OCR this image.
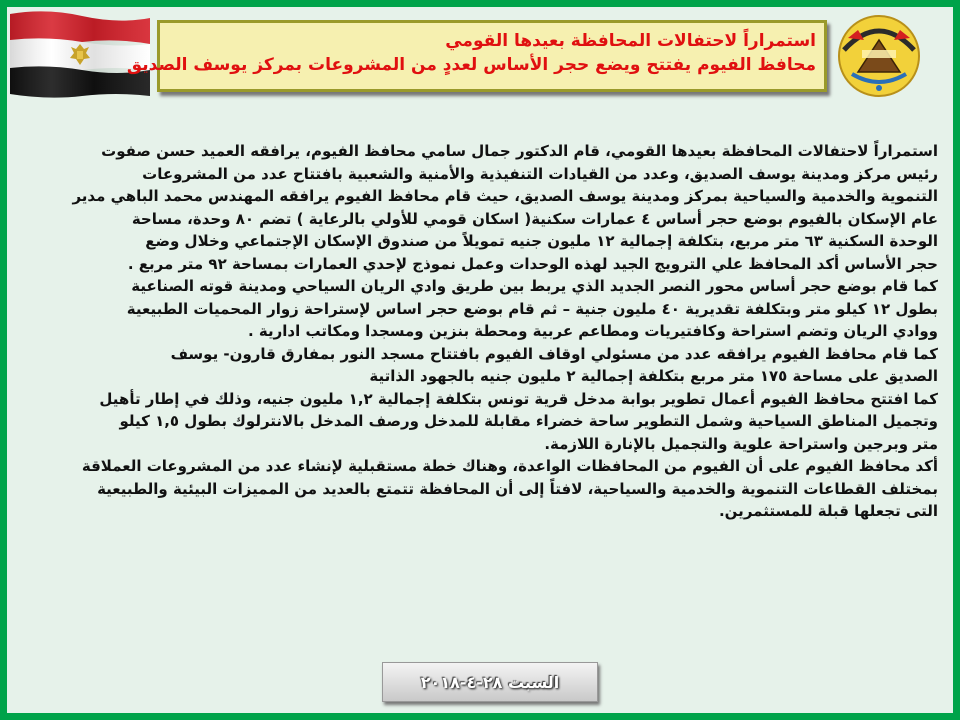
استمراراً لاحتفالات المحافظة بعيدها القومي
محافظ الفيوم يفتتح ويضع حجر الأساس لعددٍ من المشروعات بمركز يوسف الصديق

استمراراً لاحتفالات المحافظة بعيدها القومي، قام الدكتور جمال سامي محافظ الفيوم، يرافقه العميد حسن صفوت

رئيس مركز ومدينة يوسف الصديق، وعدد من القيادات التنفيذية والأمنية والشعبية بافتتاح عدد من المشروعات

التنموية والخدمية والسياحية بمركز ومدينة يوسف الصديق، حيث قام محافظ الفيوم يرافقه المهندس محمد الباهي مدير

عام الإسكان بالفيوم بوضع حجر أساس ٤ عمارات سكنية( اسكان قومي للأولي بالرعاية ) تضم ٨٠ وحدة، مساحة

الوحدة السكنية ٦٣ متر مربع، بتكلفة إجمالية ١٢ مليون جنيه تمويلاً من صندوق الإسكان الإجتماعي وخلال وضع

حجر الأساس أكد المحافظ علي الترويج الجيد لهذه الوحدات وعمل نموذج لإحدي العمارات بمساحة ٩٢ متر مربع .

كما قام بوضع حجر أساس محور النصر الجديد الذي يربط بين طريق وادي الريان السياحي ومدينة قوته الصناعية

بطول ١٢ كيلو متر وبتكلفة تقديرية ٤٠ مليون جنية – ثم قام بوضع حجر اساس لإستراحة زوار المحميات الطبيعية

ووادي الريان وتضم استراحة وكافتيريات ومطاعم عربية ومحطة بنزين ومسجدا ومكاتب ادارية .

كما قام محافظ الفيوم يرافقه عدد من مسئولي اوقاف الفيوم بافتتاح مسجد النور بمفارق قارون- يوسف

الصديق على مساحة ١٧٥ متر مربع بتكلفة إجمالية ٢ مليون جنيه بالجهود الذاتية

كما افتتح محافظ الفيوم أعمال تطوير بوابة مدخل قرية تونس بتكلفة إجمالية ١,٢ مليون جنيه، وذلك في إطار تأهيل

وتجميل المناطق السياحية وشمل التطوير ساحة خضراء مقابلة للمدخل ورصف المدخل بالانترلوك بطول ١,٥ كيلو

متر وبرجين واستراحة علوية والتجميل بالإنارة اللازمة.

أكد محافظ الفيوم على أن الفيوم من المحافظات الواعدة، وهناك خطة مستقبلية لإنشاء عدد من المشروعات العملاقة

بمختلف القطاعات التنموية والخدمية والسياحية، لافتاً إلى أن المحافظة تتمتع بالعديد من المميزات البيئية والطبيعية

التى تجعلها قبلة للمستثمرين.

السبت ٢٨-٤-٢٠١٨
